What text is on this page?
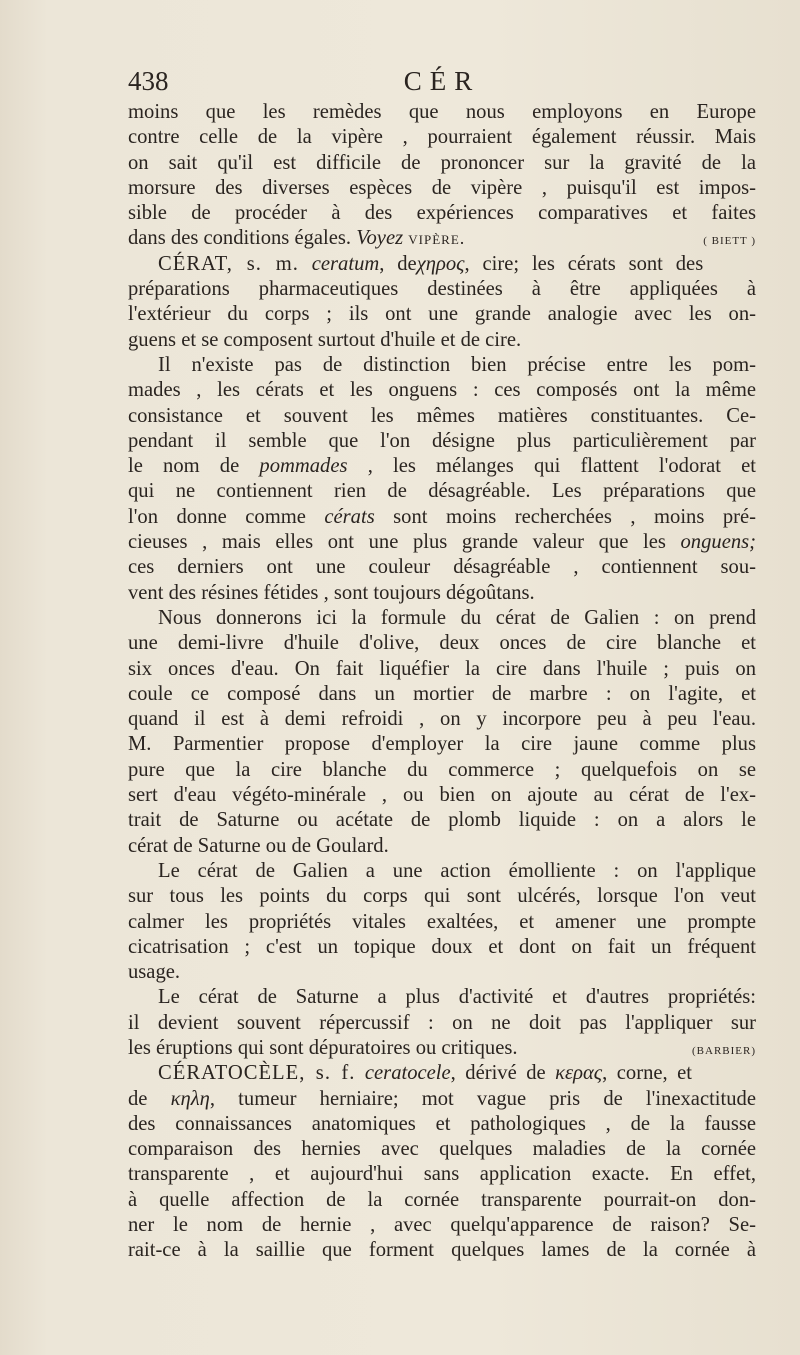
438	CÉR
moins que les remèdes que nous employons en Europe
contre celle de la vipère , pourraient également réussir. Mais
on sait qu'il est difficile de prononcer sur la gravité de la
morsure des diverses espèces de vipère , puisqu'il est impos-
sible de procéder à des expériences comparatives et faites
dans des conditions égales. Voyez vipère.	( BIETT )
CÉRAT, s. m. ceratum, deχηρος, cire; les cérats sont des
préparations pharmaceutiques destinées à être appliquées à
l'extérieur du corps ; ils ont une grande analogie avec les on-
guens et se composent surtout d'huile et de cire.
Il n'existe pas de distinction bien précise entre les pom-
mades , les cérats et les onguens : ces composés ont la même
consistance et souvent les mêmes matières constituantes. Ce-
pendant il semble que l'on désigne plus particulièrement par
le nom de pommades , les mélanges qui flattent l'odorat et
qui ne contiennent rien de désagréable. Les préparations que
l'on donne comme cérats sont moins recherchées , moins pré-
cieuses , mais elles ont une plus grande valeur que les onguens;
ces derniers ont une couleur désagréable , contiennent sou-
vent des résines fétides , sont toujours dégoûtans.
Nous donnerons ici la formule du cérat de Galien : on prend
une demi-livre d'huile d'olive, deux onces de cire blanche et
six onces d'eau. On fait liquéfier la cire dans l'huile ; puis on
coule ce composé dans un mortier de marbre : on l'agite, et
quand il est à demi refroidi , on y incorpore peu à peu l'eau.
M. Parmentier propose d'employer la cire jaune comme plus
pure que la cire blanche du commerce ; quelquefois on se
sert d'eau végéto-minérale , ou bien on ajoute au cérat de l'ex-
trait de Saturne ou acétate de plomb liquide : on a alors le
cérat de Saturne ou de Goulard.
Le cérat de Galien a une action émolliente : on l'applique
sur tous les points du corps qui sont ulcérés, lorsque l'on veut
calmer les propriétés vitales exaltées, et amener une prompte
cicatrisation ; c'est un topique doux et dont on fait un fréquent
usage.
Le cérat de Saturne a plus d'activité et d'autres propriétés:
il devient souvent répercussif : on ne doit pas l'appliquer sur
les éruptions qui sont dépuratoires ou critiques.	(BARBIER)
CÉRATOCÈLE, s. f. ceratocele, dérivé de κερας, corne, et
de κηλη, tumeur herniaire; mot vague pris de l'inexactitude
des connaissances anatomiques et pathologiques , de la fausse
comparaison des hernies avec quelques maladies de la cornée
transparente , et aujourd'hui sans application exacte. En effet,
à quelle affection de la cornée transparente pourrait-on don-
ner le nom de hernie , avec quelqu'apparence de raison? Se-
rait-ce à la saillie que forment quelques lames de la cornée à
